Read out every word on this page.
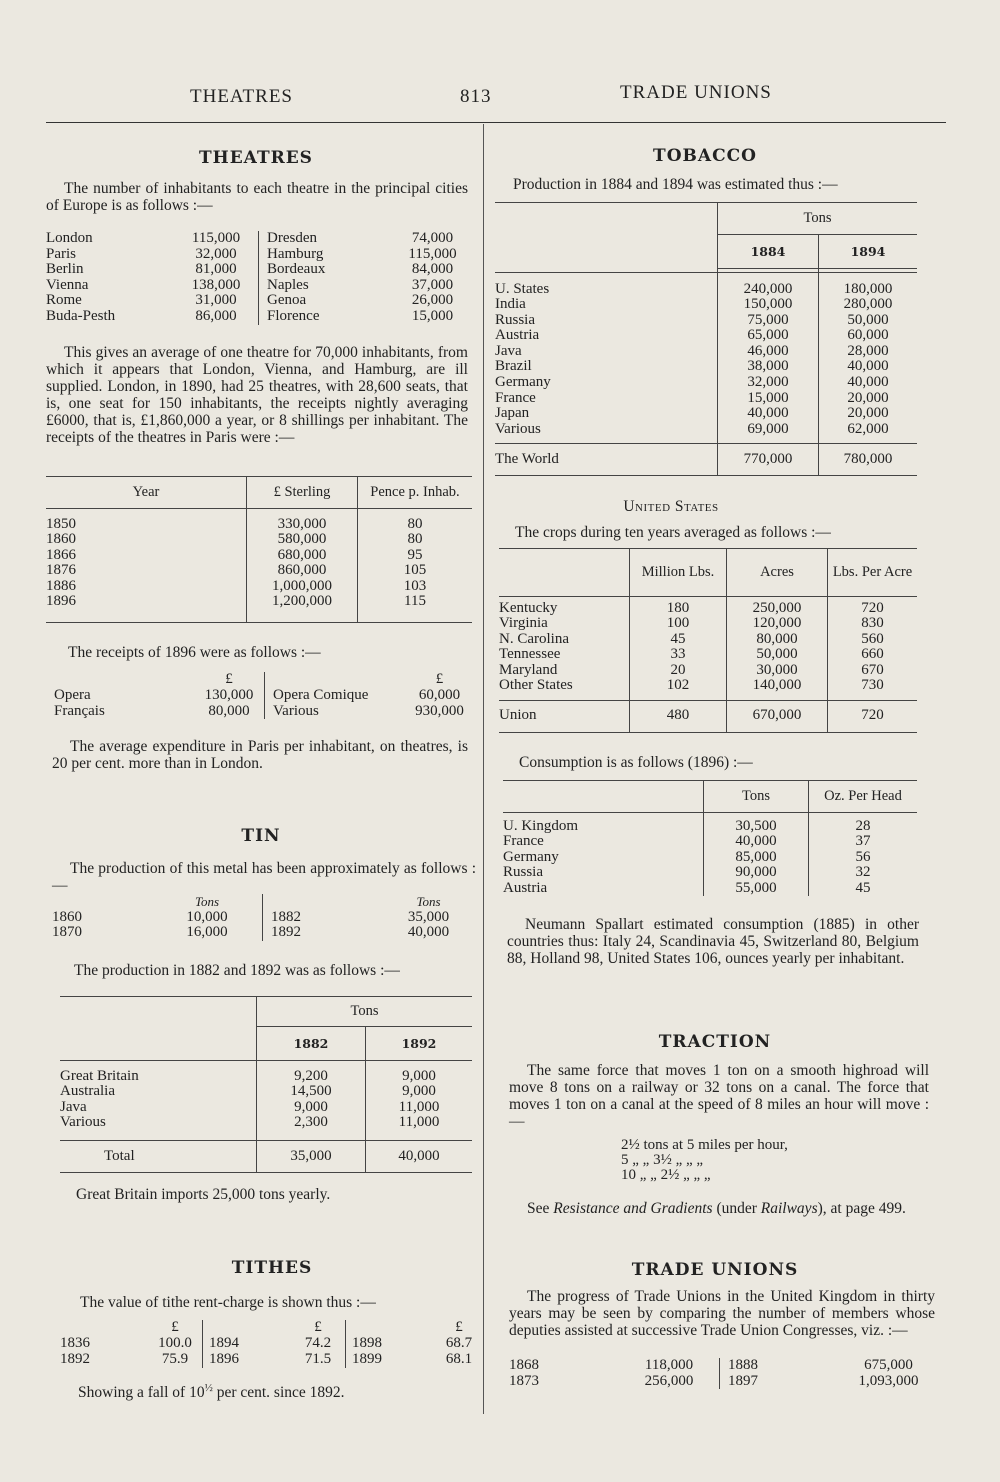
THEATRES	813	TRADE UNIONS
THEATRES

The number of inhabitants to each theatre in the principal cities of Europe is as follows :—

London		115,000	Dresden	74,000
Paris		32,000	Hamburg	115,000
Berlin		81,000	Bordeaux	84,000
Vienna		138,000	Naples	37,000
Rome		31,000	Genoa	26,000
Buda-Pesth		86,000	Florence	15,000

This gives an average of one theatre for 70,000 inhabitants, from which it appears that London, Vienna, and Hamburg, are ill supplied. London, in 1890, had 25 theatres, with 28,600 seats, that is, one seat for 150 inhabitants, the receipts nightly averaging £6000, that is, £1,860,000 a year, or 8 shillings per inhabitant. The receipts of the theatres in Paris were :—

Year	£ Sterling	Pence p. Inhab.

1850	330,000	80
1860	580,000	80
1866	680,000	95
1876	860,000	105
1886	1,000,000	103
1896	1,200,000	115

The receipts of 1896 were as follows :—

	£		£
Opera	130,000	Opera Comique	60,000
Français	80,000	Various	930,000

The average expenditure in Paris per inhabitant, on theatres, is 20 per cent. more than in London.

TIN

The production of this metal has been approximately as follows :—

	Tons		Tons
1860	10,000	1882	35,000
1870	16,000	1892	40,000

The production in 1882 and 1892 was as follows :—

	Tons	
	1882	1892

Great Britain	9,200	9,000
Australia	14,500	9,000
Java	9,000	11,000
Various	2,300	11,000

Total	35,000	40,000

Great Britain imports 25,000 tons yearly.

TITHES

The value of tithe rent-charge is shown thus :—

	£		£		£
1836	100.0	1894	74.2	1898	68.7
1892	75.9	1896	71.5	1899	68.1

Showing a fall of $10^{\frac{1}{2}}$ per cent. since 1892.

TOBACCO

Production in 1884 and 1894 was estimated thus :—

	Tons	
	1884	1894

U. States	240,000	180,000
India	150,000	280,000
Russia	75,000	50,000
Austria	65,000	60,000
Java	46,000	28,000
Brazil	38,000	40,000
Germany	32,000	40,000
France	15,000	20,000
Japan	40,000	20,000
Various	69,000	62,000

The World	770,000	780,000
United States

The crops during ten years averaged as follows :—

	Million Lbs.	Acres	Lbs. Per Acre

Kentucky	180	250,000	720
Virginia	100	120,000	830
N. Carolina	45	80,000	560
Tennessee	33	50,000	660
Maryland	20	30,000	670
Other States	102	140,000	730

Union	480	670,000	720

Consumption is as follows (1896) :—

	Tons	Oz. Per Head

U. Kingdom	30,500	28
France	40,000	37
Germany	85,000	56
Russia	90,000	32
Austria	55,000	45

Neumann Spallart estimated consumption (1885) in other countries thus: Italy 24, Scandinavia 45, Switzerland 80, Belgium 88, Holland 98, United States 106, ounces yearly per inhabitant.

TRACTION

The same force that moves 1 ton on a smooth highroad will move 8 tons on a railway or 32 tons on a canal. The force that moves 1 ton on a canal at the speed of 8 miles an hour will move :—

2½ tons at 5 miles per hour,
5 „ „ 3½ „ „ „
10 „ „ 2½ „ „ „

See Resistance and Gradients (under Railways), at page 499.

TRADE UNIONS

The progress of Trade Unions in the United Kingdom in thirty years may be seen by comparing the number of members whose deputies assisted at successive Trade Union Congresses, viz. :—

1868	118,000	1888	675,000
1873	256,000	1897	1,093,000
